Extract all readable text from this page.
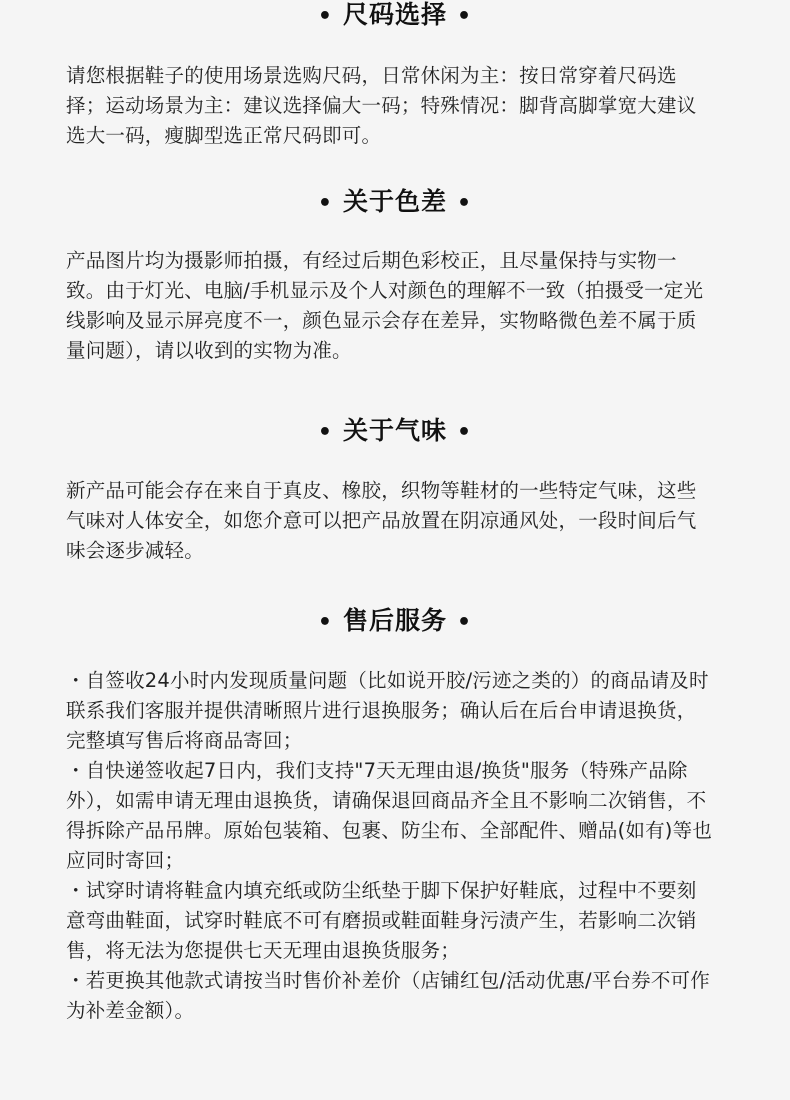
• 尺码选择 •

请您根据鞋子的使用场景选购尺码，日常休闲为主：按日常穿着尺码选择；运动场景为主：建议选择偏大一码；特殊情况：脚背高脚掌宽大建议选大一码，瘦脚型选正常尺码即可。

• 关于色差 •

产品图片均为摄影师拍摄，有经过后期色彩校正，且尽量保持与实物一致。由于灯光、电脑/手机显示及个人对颜色的理解不一致（拍摄受一定光线影响及显示屏亮度不一，颜色显示会存在差异，实物略微色差不属于质量问题），请以收到的实物为准。

• 关于气味 •

新产品可能会存在来自于真皮、橡胶，织物等鞋材的一些特定气味，这些气味对人体安全，如您介意可以把产品放置在阴凉通风处，一段时间后气味会逐步减轻。

• 售后服务 •

・自签收24小时内发现质量问题（比如说开胶/污迹之类的）的商品请及时联系我们客服并提供清晰照片进行退换服务；确认后在后台申请退换货，完整填写售后将商品寄回；

・自快递签收起7日内，我们支持"7天无理由退/换货"服务（特殊产品除外），如需申请无理由退换货，请确保退回商品齐全且不影响二次销售，不得拆除产品吊牌。原始包装箱、包裹、防尘布、全部配件、赠品(如有)等也应同时寄回；

・试穿时请将鞋盒内填充纸或防尘纸垫于脚下保护好鞋底，过程中不要刻意弯曲鞋面，试穿时鞋底不可有磨损或鞋面鞋身污渍产生，若影响二次销售，将无法为您提供七天无理由退换货服务；

・若更换其他款式请按当时售价补差价（店铺红包/活动优惠/平台券不可作为补差金额）。
